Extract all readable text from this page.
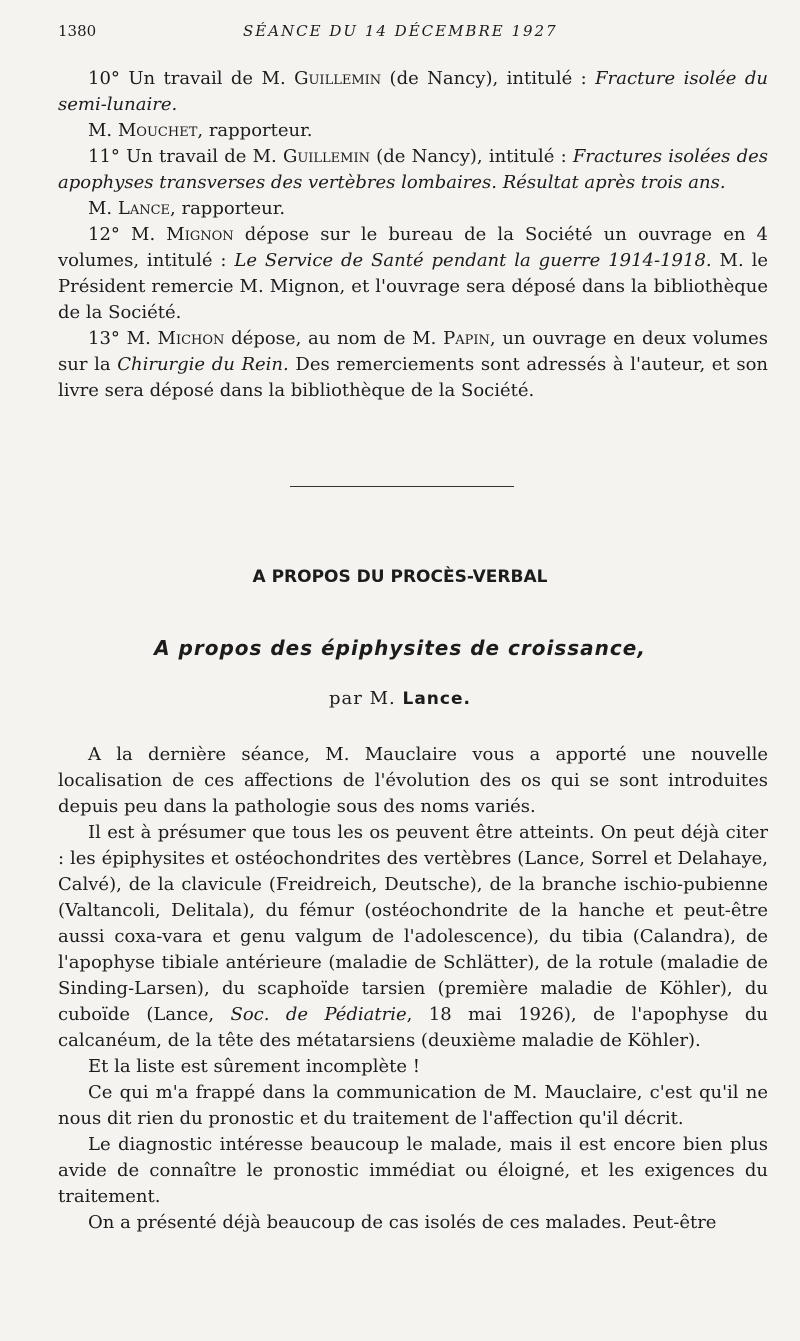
1380	SÉANCE DU 14 DÉCEMBRE 1927

10° Un travail de M. Guillemin (de Nancy), intitulé : Fracture isolée du semi-lunaire.

M. Mouchet, rapporteur.

11° Un travail de M. Guillemin (de Nancy), intitulé : Fractures isolées des apophyses transverses des vertèbres lombaires. Résultat après trois ans.

M. Lance, rapporteur.

12° M. Mignon dépose sur le bureau de la Société un ouvrage en 4 volumes, intitulé : Le Service de Santé pendant la guerre 1914-1918. M. le Président remercie M. Mignon, et l'ouvrage sera déposé dans la bibliothèque de la Société.

13° M. Michon dépose, au nom de M. Papin, un ouvrage en deux volumes sur la Chirurgie du Rein. Des remerciements sont adressés à l'auteur, et son livre sera déposé dans la bibliothèque de la Société.

A PROPOS DU PROCÈS-VERBAL
A propos des épiphysites de croissance,
par M. Lance.

A la dernière séance, M. Mauclaire vous a apporté une nouvelle localisation de ces affections de l'évolution des os qui se sont introduites depuis peu dans la pathologie sous des noms variés.

Il est à présumer que tous les os peuvent être atteints. On peut déjà citer : les épiphysites et ostéochondrites des vertèbres (Lance, Sorrel et Delahaye, Calvé), de la clavicule (Freidreich, Deutsche), de la branche ischio-pubienne (Valtancoli, Delitala), du fémur (ostéochondrite de la hanche et peut-être aussi coxa-vara et genu valgum de l'adolescence), du tibia (Calandra), de l'apophyse tibiale antérieure (maladie de Schlätter), de la rotule (maladie de Sinding-Larsen), du scaphoïde tarsien (première maladie de Köhler), du cuboïde (Lance, Soc. de Pédiatrie, 18 mai 1926), de l'apophyse du calcanéum, de la tête des métatarsiens (deuxième maladie de Köhler).

Et la liste est sûrement incomplète !

Ce qui m'a frappé dans la communication de M. Mauclaire, c'est qu'il ne nous dit rien du pronostic et du traitement de l'affection qu'il décrit.

Le diagnostic intéresse beaucoup le malade, mais il est encore bien plus avide de connaître le pronostic immédiat ou éloigné, et les exigences du traitement.

On a présenté déjà beaucoup de cas isolés de ces malades. Peut-être
